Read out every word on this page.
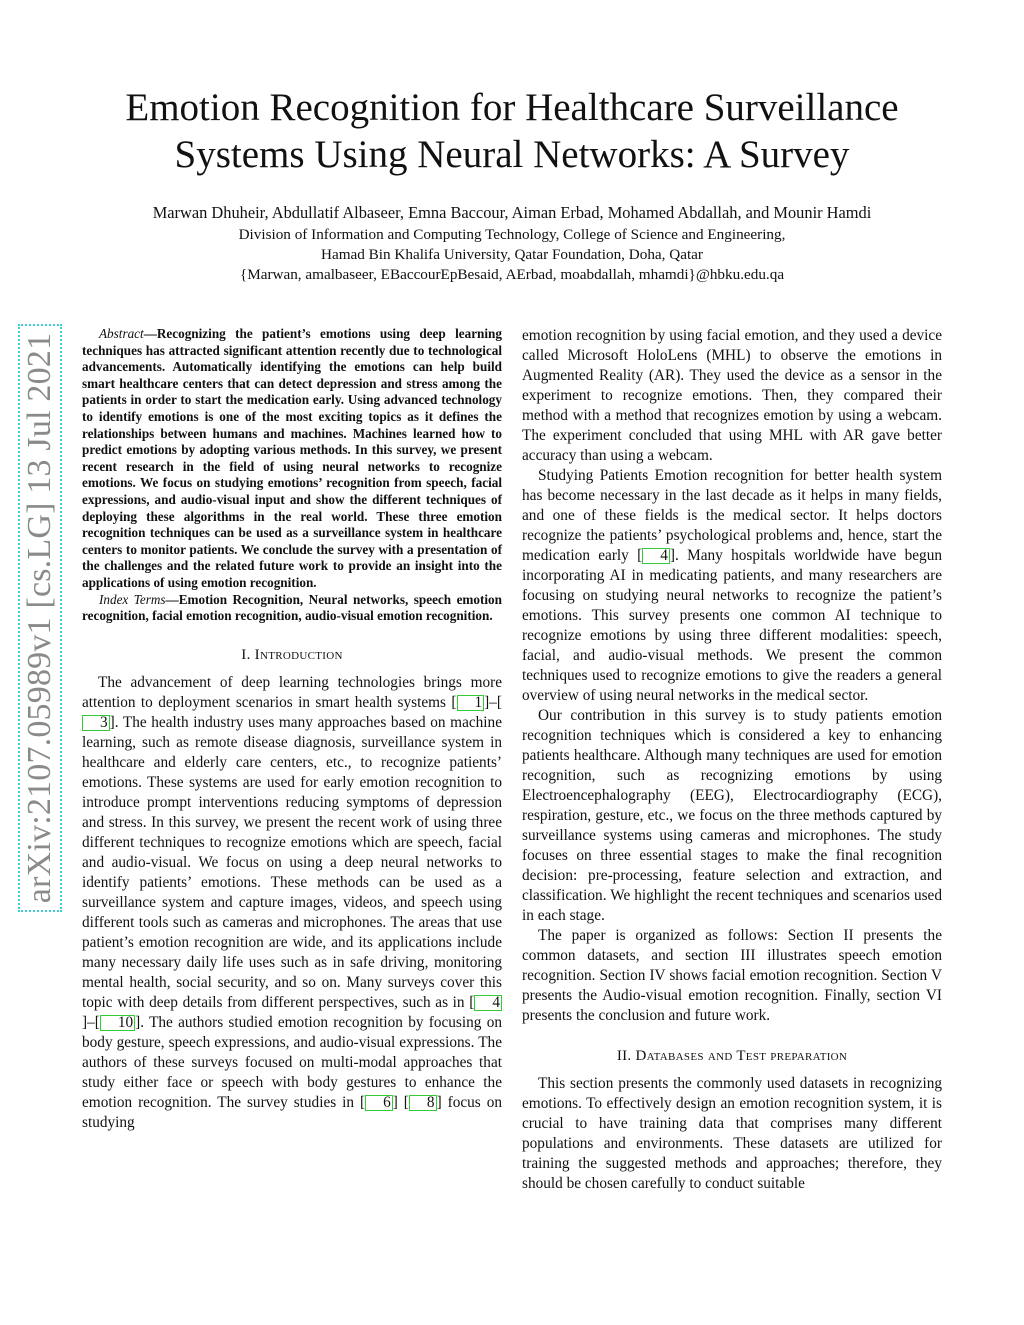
arXiv:2107.05989v1 [cs.LG] 13 Jul 2021
Emotion Recognition for Healthcare Surveillance
Systems Using Neural Networks: A Survey
Marwan Dhuheir, Abdullatif Albaseer, Emna Baccour, Aiman Erbad, Mohamed Abdallah, and Mounir Hamdi
Division of Information and Computing Technology, College of Science and Engineering,
Hamad Bin Khalifa University, Qatar Foundation, Doha, Qatar
{Marwan, amalbaseer, EBaccourEpBesaid, AErbad, moabdallah, mhamdi}@hbku.edu.qa

Abstract—Recognizing the patient’s emotions using deep learning techniques has attracted significant attention recently due to technological advancements. Automatically identifying the emotions can help build smart healthcare centers that can detect depression and stress among the patients in order to start the medication early. Using advanced technology to identify emotions is one of the most exciting topics as it defines the relationships between humans and machines. Machines learned how to predict emotions by adopting various methods. In this survey, we present recent research in the field of using neural networks to recognize emotions. We focus on studying emotions’ recognition from speech, facial expressions, and audio-visual input and show the different techniques of deploying these algorithms in the real world. These three emotion recognition techniques can be used as a surveillance system in healthcare centers to monitor patients. We conclude the survey with a presentation of the challenges and the related future work to provide an insight into the applications of using emotion recognition.

Index Terms—Emotion Recognition, Neural networks, speech emotion recognition, facial emotion recognition, audio-visual emotion recognition.

I. Introduction

The advancement of deep learning technologies brings more attention to deployment scenarios in smart health systems [ 1 ]–[3 ]. The health industry uses many approaches based on machine learning, such as remote disease diagnosis, surveillance system in healthcare and elderly care centers, etc., to recognize patients’ emotions. These systems are used for early emotion recognition to introduce prompt interventions reducing symptoms of depression and stress. In this survey, we present the recent work of using three different techniques to recognize emotions which are speech, facial and audio-visual. We focus on using a deep neural networks to identify patients’ emotions. These methods can be used as a surveillance system and capture images, videos, and speech using different tools such as cameras and microphones. The areas that use patient’s emotion recognition are wide, and its applications include many necessary daily life uses such as in safe driving, monitoring mental health, social security, and so on. Many surveys cover this topic with deep details from different perspectives, such as in [ 4]–[ 10 ]. The authors studied emotion recognition by focusing on body gesture, speech expressions, and audio-visual expressions. The authors of these surveys focused on multi-modal approaches that study either face or speech with body gestures to enhance the emotion recognition. The survey studies in [ 6 ] [ 8 ] focus on studying

emotion recognition by using facial emotion, and they used a device called Microsoft HoloLens (MHL) to observe the emotions in Augmented Reality (AR). They used the device as a sensor in the experiment to recognize emotions. Then, they compared their method with a method that recognizes emotion by using a webcam. The experiment concluded that using MHL with AR gave better accuracy than using a webcam.

Studying Patients Emotion recognition for better health system has become necessary in the last decade as it helps in many fields, and one of these fields is the medical sector. It helps doctors recognize the patients’ psychological problems and, hence, start the medication early [ 4 ]. Many hospitals worldwide have begun incorporating AI in medicating patients, and many researchers are focusing on studying neural networks to recognize the patient’s emotions. This survey presents one common AI technique to recognize emotions by using three different modalities: speech, facial, and audio-visual methods. We present the common techniques used to recognize emotions to give the readers a general overview of using neural networks in the medical sector.

Our contribution in this survey is to study patients emotion recognition techniques which is considered a key to enhancing patients healthcare. Although many techniques are used for emotion recognition, such as recognizing emotions by using Electroencephalography (EEG), Electrocardiography (ECG), respiration, gesture, etc., we focus on the three methods captured by surveillance systems using cameras and microphones. The study focuses on three essential stages to make the final recognition decision: pre-processing, feature selection and extraction, and classification. We highlight the recent techniques and scenarios used in each stage.

The paper is organized as follows: Section II presents the common datasets, and section III illustrates speech emotion recognition. Section IV shows facial emotion recognition. Section V presents the Audio-visual emotion recognition. Finally, section VI presents the conclusion and future work.

II. Databases and Test preparation

This section presents the commonly used datasets in recognizing emotions. To effectively design an emotion recognition system, it is crucial to have training data that comprises many different populations and environments. These datasets are utilized for training the suggested methods and approaches; therefore, they should be chosen carefully to conduct suitable
